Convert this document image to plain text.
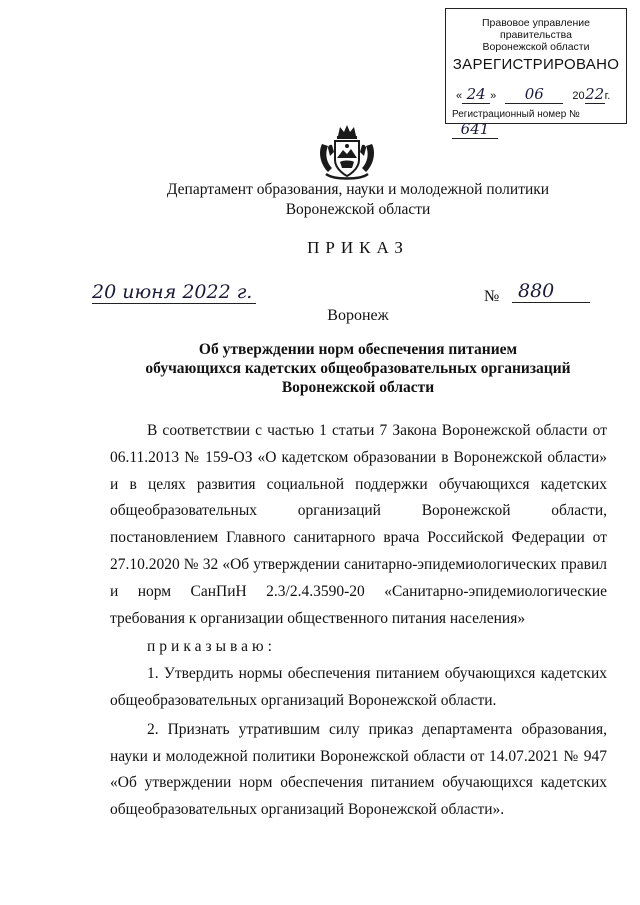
Правовое управление правительства
Воронежской области
ЗАРЕГИСТРИРОВАНО
« 24 » 06	2022г.
Регистрационный номер № 641
Департамент образования, науки и молодежной политики
Воронежской области
ПРИКАЗ
20 июня 2022 г.	№ 880
Воронеж
Об утверждении норм обеспечения питанием
обучающихся кадетских общеобразовательных организаций
Воронежской области

В соответствии с частью 1 статьи 7 Закона Воронежской области от 06.11.2013 № 159-ОЗ «О кадетском образовании в Воронежской области» и в целях развития социальной поддержки обучающихся кадетских общеобразовательных организаций Воронежской области, постановлением Главного санитарного врача Российской Федерации от 27.10.2020 № 32 «Об утверждении санитарно-эпидемиологических правил и норм СанПиН 2.3/2.4.3590-20 «Санитарно-эпидемиологические требования к организации общественного питания населения»

приказываю:

1. Утвердить нормы обеспечения питанием обучающихся кадетских общеобразовательных организаций Воронежской области.

2. Признать утратившим силу приказ департамента образования, науки и молодежной политики Воронежской области от 14.07.2021 № 947 «Об утверждении норм обеспечения питанием обучающихся кадетских общеобразовательных организаций Воронежской области».
